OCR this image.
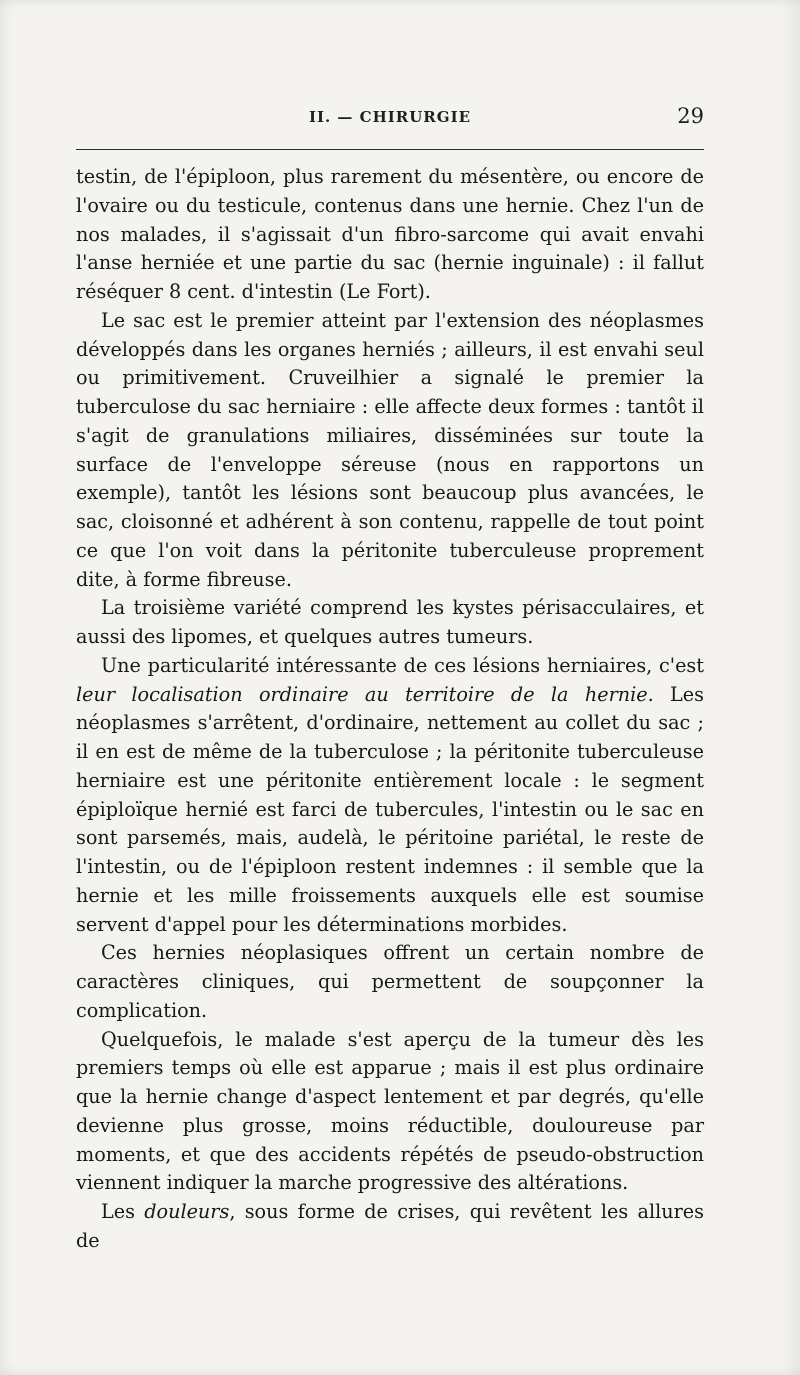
II. — CHIRURGIE	29

testin, de l'épiploon, plus rarement du mésentère, ou encore de l'ovaire ou du testicule, contenus dans une hernie. Chez l'un de nos malades, il s'agissait d'un fibro-sarcome qui avait envahi l'anse herniée et une partie du sac (hernie inguinale) : il fallut réséquer 8 cent. d'intestin (Le Fort).

Le sac est le premier atteint par l'extension des néoplasmes développés dans les organes herniés ; ailleurs, il est envahi seul ou primitivement. Cruveilhier a signalé le premier la tuberculose du sac herniaire : elle affecte deux formes : tantôt il s'agit de granulations miliaires, disséminées sur toute la surface de l'enveloppe séreuse (nous en rapportons un exemple), tantôt les lésions sont beaucoup plus avancées, le sac, cloisonné et adhérent à son contenu, rappelle de tout point ce que l'on voit dans la péritonite tuberculeuse proprement dite, à forme fibreuse.

La troisième variété comprend les kystes périsacculaires, et aussi des lipomes, et quelques autres tumeurs.

Une particularité intéressante de ces lésions herniaires, c'est leur localisation ordinaire au territoire de la hernie. Les néoplasmes s'arrêtent, d'ordinaire, nettement au collet du sac ; il en est de même de la tuberculose ; la péritonite tuberculeuse herniaire est une péritonite entièrement locale : le segment épiploïque hernié est farci de tubercules, l'intestin ou le sac en sont parsemés, mais, audelà, le péritoine pariétal, le reste de l'intestin, ou de l'épiploon restent indemnes : il semble que la hernie et les mille froissements auxquels elle est soumise servent d'appel pour les déterminations morbides.

Ces hernies néoplasiques offrent un certain nombre de caractères cliniques, qui permettent de soupçonner la complication.

Quelquefois, le malade s'est aperçu de la tumeur dès les premiers temps où elle est apparue ; mais il est plus ordinaire que la hernie change d'aspect lentement et par degrés, qu'elle devienne plus grosse, moins réductible, douloureuse par moments, et que des accidents répétés de pseudo-obstruction viennent indiquer la marche progressive des altérations.

Les douleurs, sous forme de crises, qui revêtent les allures de
